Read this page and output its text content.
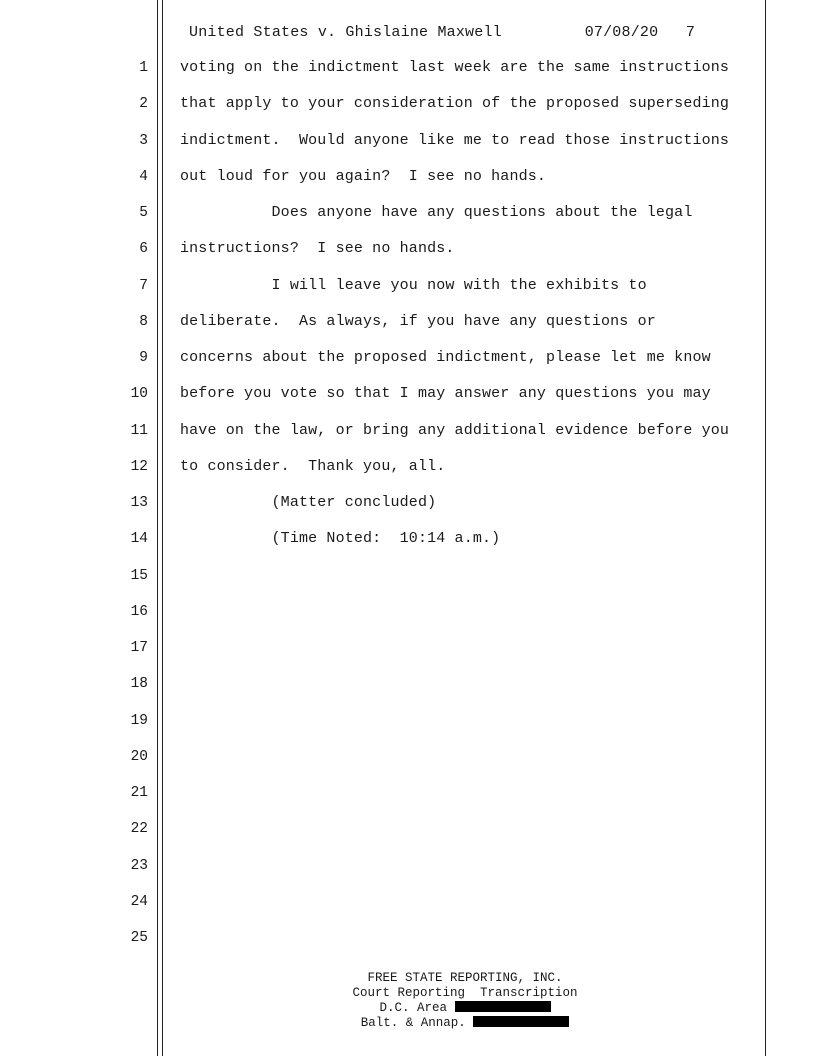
United States v. Ghislaine Maxwell	07/08/20 7
1 voting on the indictment last week are the same instructions
2 that apply to your consideration of the proposed superseding
3 indictment.  Would anyone like me to read those instructions
4 out loud for you again?  I see no hands.
5 Does anyone have any questions about the legal
6 instructions?  I see no hands.
7 I will leave you now with the exhibits to
8 deliberate.  As always, if you have any questions or
9 concerns about the proposed indictment, please let me know
10 before you vote so that I may answer any questions you may
11 have on the law, or bring any additional evidence before you
12 to consider.  Thank you, all.
13 (Matter concluded)
14 (Time Noted:  10:14 a.m.)
15
16
17
18
19
20
21
22
23
24
25
FREE STATE REPORTING, INC.
Court Reporting  Transcription
D.C. Area
Balt. & Annap.
